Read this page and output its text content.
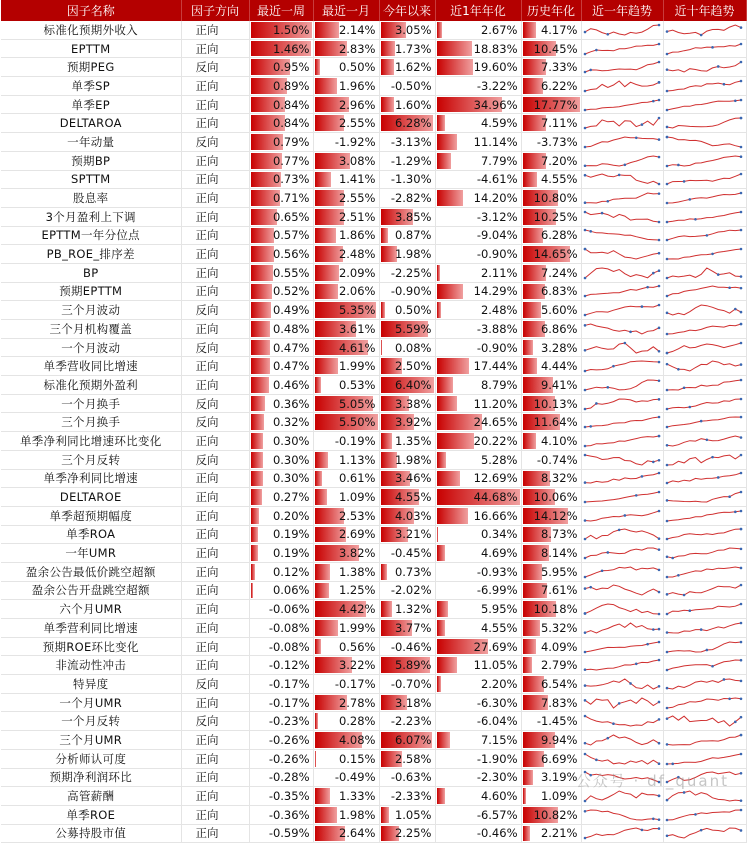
因子名称	因子方向	最近一周	最近一月	今年以来	近1年年化	历史年化	近一年趋势	近十年趋势
标准化预期外收入	正向	1.50%	2.14%	3.05%	2.67%	4.17%	

EPTTM	正向	1.46%	2.83%	1.73%	18.83%	10.45%	

预期PEG	反向	0.95%	0.50%	1.62%	19.60%	7.33%	

单季SP	正向	0.89%	1.96%	-0.50%	-3.22%	6.22%	

单季EP	正向	0.84%	2.96%	1.60%	34.96%	17.77%	

DELTAROA	正向	0.84%	2.55%	6.28%	4.59%	7.11%	

一年动量	反向	0.79%	-1.92%	-3.13%	11.14%	-3.73%	

预期BP	正向	0.77%	3.08%	-1.29%	7.79%	7.20%	

SPTTM	正向	0.73%	1.41%	-1.30%	-4.61%	4.55%	

股息率	正向	0.71%	2.55%	-2.82%	14.20%	10.80%	

3个月盈利上下调	正向	0.65%	2.51%	3.85%	-3.12%	10.25%	

EPTTM一年分位点	正向	0.57%	1.86%	0.87%	-9.04%	6.28%	

PB_ROE_排序差	正向	0.56%	2.48%	1.98%	-0.90%	14.65%	

BP	正向	0.55%	2.09%	-2.25%	2.11%	7.24%	

预期EPTTM	正向	0.52%	2.06%	-0.90%	14.29%	6.83%	

三个月波动	反向	0.49%	5.35%	0.50%	2.48%	5.60%	

三个月机构覆盖	正向	0.48%	3.61%	5.59%	-3.88%	6.86%	

一个月波动	反向	0.47%	4.61%	0.08%	-0.90%	3.28%	

单季营收同比增速	正向	0.47%	1.99%	2.50%	17.44%	4.44%	

标准化预期外盈利	正向	0.46%	0.53%	6.40%	8.79%	9.41%	

一个月换手	反向	0.36%	5.05%	3.38%	11.20%	10.13%	

三个月换手	反向	0.32%	5.50%	3.92%	24.65%	11.64%	

单季净利同比增速环比变化	正向	0.30%	-0.19%	1.35%	20.22%	4.10%	

三个月反转	反向	0.30%	1.13%	1.98%	5.28%	-0.74%	

单季净利同比增速	正向	0.30%	0.61%	3.46%	12.69%	8.32%	

DELTAROE	正向	0.27%	1.09%	4.55%	44.68%	10.06%	

单季超预期幅度	正向	0.20%	2.53%	4.03%	16.66%	14.12%	

单季ROA	正向	0.19%	2.69%	3.21%	0.34%	8.73%	

一年UMR	正向	0.19%	3.82%	-0.45%	4.69%	8.14%	

盈余公告最低价跳空超额	正向	0.12%	1.38%	0.73%	-0.93%	5.95%	

盈余公告开盘跳空超额	正向	0.06%	1.25%	-2.02%	-6.99%	7.61%	

六个月UMR	正向	-0.06%	4.42%	1.32%	5.95%	10.18%	

单季营利同比增速	正向	-0.08%	1.99%	3.77%	4.55%	5.32%	

预期ROE环比变化	正向	-0.08%	0.56%	-0.46%	27.69%	4.09%	

非流动性冲击	正向	-0.12%	3.22%	5.89%	11.05%	2.79%	

特异度	反向	-0.17%	-0.17%	-0.70%	2.20%	6.54%	

一个月UMR	正向	-0.17%	2.78%	3.18%	-6.30%	7.83%	

一个月反转	反向	-0.23%	0.28%	-2.23%	-6.04%	-1.45%	

三个月UMR	正向	-0.26%	4.08%	6.07%	7.15%	9.94%	

分析师认可度	正向	-0.26%	0.15%	2.58%	-1.90%	6.69%	

预期净利润环比	正向	-0.28%	-0.49%	-0.63%	-2.30%	3.19%	

高管薪酬	正向	-0.35%	1.33%	-2.33%	4.60%	1.09%	

单季ROE	正向	-0.36%	1.98%	1.05%	-6.57%	10.82%	

公募持股市值	正向	-0.59%	2.64%	2.25%	-0.46%	2.21%	

公众号 · df_quant
